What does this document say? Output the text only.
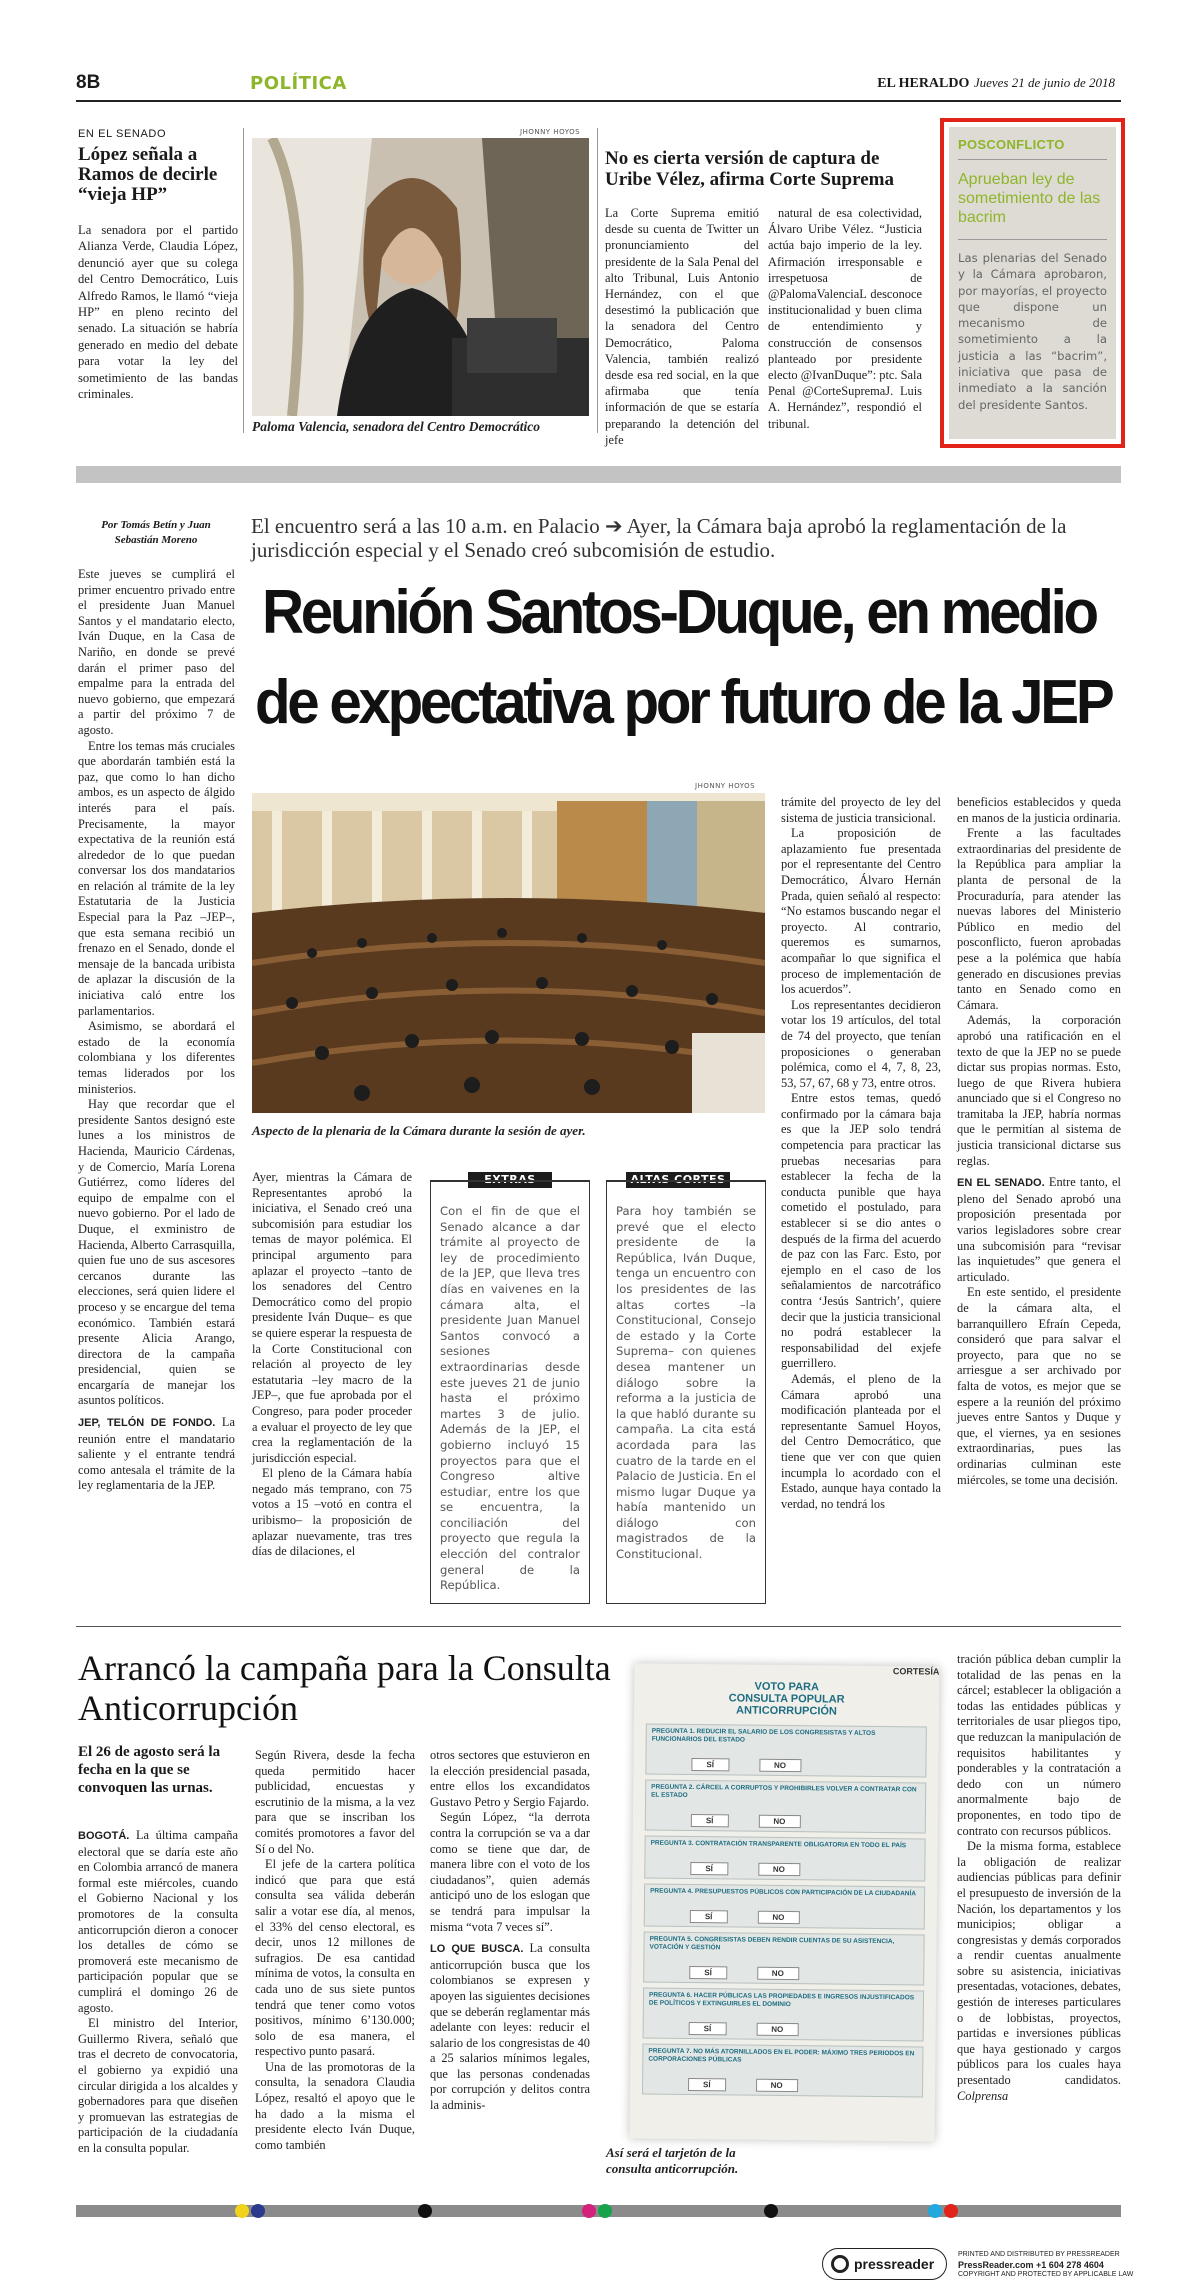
8B	POLÍTICA	EL HERALDO Jueves 21 de junio de 2018
EN EL SENADO
López señala a Ramos de decirle “vieja HP”

La senadora por el partido Alianza Verde, Claudia López, denunció ayer que su colega del Centro Democrático, Luis Alfredo Ramos, le llamó “vieja HP” en pleno recinto del senado. La situación se habría generado en medio del debate para votar la ley del sometimiento de las bandas criminales.

JHONNY HOYOS
Paloma Valencia, senadora del Centro Democrático
No es cierta versión de captura de Uribe Vélez, afirma Corte Suprema

La Corte Suprema emitió desde su cuenta de Twitter un pronunciamiento del presidente de la Sala Penal del alto Tribunal, Luis Antonio Hernández, con el que desestimó la publicación que la senadora del Centro Democrático, Paloma Valencia, también realizó desde esa red social, en la que afirmaba que tenía información de que se estaría preparando la detención del jefe

natural de esa colectividad, Álvaro Uribe Vélez. “Justicia actúa bajo imperio de la ley. Afirmación irresponsable e irrespetuosa de @PalomaValenciaL desconoce institucionalidad y buen clima de entendimiento y construcción de consensos planteado por presidente electo @IvanDuque”: ptc. Sala Penal @CorteSupremaJ. Luis A. Hernández”, respondió el tribunal.

POSCONFLICTO
Aprueban ley de sometimiento de las bacrim
Las plenarias del Senado y la Cámara aprobaron, por mayorías, el proyecto que dispone un mecanismo de sometimiento a la justicia a las “bacrim”, iniciativa que pasa de inmediato a la sanción del presidente Santos.
Por Tomás Betín y Juan Sebastián Moreno
El encuentro será a las 10 a.m. en Palacio ➔ Ayer, la Cámara baja aprobó la reglamentación de la jurisdicción especial y el Senado creó subcomisión de estudio.
Reunión Santos-Duque, en medio
de expectativa por futuro de la JEP

Este jueves se cumplirá el primer encuentro privado entre el presidente Juan Manuel Santos y el mandatario electo, Iván Duque, en la Casa de Nariño, en donde se prevé darán el primer paso del empalme para la entrada del nuevo gobierno, que empezará a partir del próximo 7 de agosto.

Entre los temas más cruciales que abordarán también está la paz, que como lo han dicho ambos, es un aspecto de álgido interés para el país. Precisamente, la mayor expectativa de la reunión está alrededor de lo que puedan conversar los dos mandatarios en relación al trámite de la ley Estatutaria de la Justicia Especial para la Paz –JEP–, que esta semana recibió un frenazo en el Senado, donde el mensaje de la bancada uribista de aplazar la discusión de la iniciativa caló entre los parlamentarios.

Asimismo, se abordará el estado de la economía colombiana y los diferentes temas liderados por los ministerios.

Hay que recordar que el presidente Santos designó este lunes a los ministros de Hacienda, Mauricio Cárdenas, y de Comercio, María Lorena Gutiérrez, como líderes del equipo de empalme con el nuevo gobierno. Por el lado de Duque, el exministro de Hacienda, Alberto Carrasquilla, quien fue uno de sus ascesores cercanos durante las elecciones, será quien lidere el proceso y se encargue del tema económico. También estará presente Alicia Arango, directora de la campaña presidencial, quien se encargaría de manejar los asuntos políticos.

JEP, TELÓN DE FONDO. La reunión entre el mandatario saliente y el entrante tendrá como antesala el trámite de la ley reglamentaria de la JEP.

JHONNY HOYOS
Aspecto de la plenaria de la Cámara durante la sesión de ayer.

Ayer, mientras la Cámara de Representantes aprobó la iniciativa, el Senado creó una subcomisión para estudiar los temas de mayor polémica. El principal argumento para aplazar el proyecto –tanto de los senadores del Centro Democrático como del propio presidente Iván Duque– es que se quiere esperar la respuesta de la Corte Constitucional con relación al proyecto de ley estatutaria –ley macro de la JEP–, que fue aprobada por el Congreso, para poder proceder a evaluar el proyecto de ley que crea la reglamentación de la jurisdicción especial.

El pleno de la Cámara había negado más temprano, con 75 votos a 15 –votó en contra el uribismo– la proposición de aplazar nuevamente, tras tres días de dilaciones, el

EXTRAS
Con el fin de que el Senado alcance a dar trámite al proyecto de ley de procedimiento de la JEP, que lleva tres días en vaivenes en la cámara alta, el presidente Juan Manuel Santos convocó a sesiones extraordinarias desde este jueves 21 de junio hasta el próximo martes 3 de julio. Además de la JEP, el gobierno incluyó 15 proyectos para que el Congreso altive estudiar, entre los que se encuentra, la conciliación del proyecto que regula la elección del contralor general de la República.
ALTAS CORTES
Para hoy también se prevé que el electo presidente de la República, Iván Duque, tenga un encuentro con los presidentes de las altas cortes –la Constitucional, Consejo de estado y la Corte Suprema– con quienes desea mantener un diálogo sobre la reforma a la justicia de la que habló durante su campaña. La cita está acordada para las cuatro de la tarde en el Palacio de Justicia. En el mismo lugar Duque ya había mantenido un diálogo con magistrados de la Constitucional.

trámite del proyecto de ley del sistema de justicia transicional.

La proposición de aplazamiento fue presentada por el representante del Centro Democrático, Álvaro Hernán Prada, quien señaló al respecto: “No estamos buscando negar el proyecto. Al contrario, queremos es sumarnos, acompañar lo que significa el proceso de implementación de los acuerdos”.

Los representantes decidieron votar los 19 artículos, del total de 74 del proyecto, que tenían proposiciones o generaban polémica, como el 4, 7, 8, 23, 53, 57, 67, 68 y 73, entre otros.

Entre estos temas, quedó confirmado por la cámara baja es que la JEP solo tendrá competencia para practicar las pruebas necesarias para establecer la fecha de la conducta punible que haya cometido el postulado, para establecer si se dio antes o después de la firma del acuerdo de paz con las Farc. Esto, por ejemplo en el caso de los señalamientos de narcotráfico contra ‘Jesús Santrich’, quiere decir que la justicia transicional no podrá establecer la responsabilidad del exjefe guerrillero.

Además, el pleno de la Cámara aprobó una modificación planteada por el representante Samuel Hoyos, del Centro Democrático, que tiene que ver con que quien incumpla lo acordado con el Estado, aunque haya contado la verdad, no tendrá los

beneficios establecidos y queda en manos de la justicia ordinaria.

Frente a las facultades extraordinarias del presidente de la República para ampliar la planta de personal de la Procuraduría, para atender las nuevas labores del Ministerio Público en medio del posconflicto, fueron aprobadas pese a la polémica que había generado en discusiones previas tanto en Senado como en Cámara.

Además, la corporación aprobó una ratificación en el texto de que la JEP no se puede dictar sus propias normas. Esto, luego de que Rivera hubiera anunciado que si el Congreso no tramitaba la JEP, habría normas que le permitían al sistema de justicia transicional dictarse sus reglas.

EN EL SENADO. Entre tanto, el pleno del Senado aprobó una proposición presentada por varios legisladores sobre crear una subcomisión para “revisar las inquietudes” que genera el articulado.

En este sentido, el presidente de la cámara alta, el barranquillero Efraín Cepeda, consideró que para salvar el proyecto, para que no se arriesgue a ser archivado por falta de votos, es mejor que se espere a la reunión del próximo jueves entre Santos y Duque y que, el viernes, ya en sesiones extraordinarias, pues las ordinarias culminan este miércoles, se tome una decisión.

Arrancó la campaña para la Consulta Anticorrupción
El 26 de agosto será la fecha en la que se convoquen las urnas.

BOGOTÁ. La última campaña electoral que se daría este año en Colombia arrancó de manera formal este miércoles, cuando el Gobierno Nacional y los promotores de la consulta anticorrupción dieron a conocer los detalles de cómo se promoverá este mecanismo de participación popular que se cumplirá el domingo 26 de agosto.

El ministro del Interior, Guillermo Rivera, señaló que tras el decreto de convocatoria, el gobierno ya expidió una circular dirigida a los alcaldes y gobernadores para que diseñen y promuevan las estrategias de participación de la ciudadanía en la consulta popular.

Según Rivera, desde la fecha queda permitido hacer publicidad, encuestas y escrutinio de la misma, a la vez para que se inscriban los comités promotores a favor del Sí o del No.

El jefe de la cartera política indicó que para que está consulta sea válida deberán salir a votar ese día, al menos, el 33% del censo electoral, es decir, unos 12 millones de sufragios. De esa cantidad mínima de votos, la consulta en cada uno de sus siete puntos tendrá que tener como votos positivos, mínimo 6’130.000; solo de esa manera, el respectivo punto pasará.

Una de las promotoras de la consulta, la senadora Claudia López, resaltó el apoyo que le ha dado a la misma el presidente electo Iván Duque, como también

otros sectores que estuvieron en la elección presidencial pasada, entre ellos los excandidatos Gustavo Petro y Sergio Fajardo.

Según López, “la derrota contra la corrupción se va a dar como se tiene que dar, de manera libre con el voto de los ciudadanos”, quien además anticipó uno de los eslogan que se tendrá para impulsar la misma “vota 7 veces sí”.

LO QUE BUSCA. La consulta anticorrupción busca que los colombianos se expresen y apoyen las siguientes decisiones que se deberán reglamentar más adelante con leyes: reducir el salario de los congresistas de 40 a 25 salarios mínimos legales, que las personas condenadas por corrupción y delitos contra la adminis-

CORTESÍA
VOTO PARA
CONSULTA POPULAR
ANTICORRUPCIÓN
PREGUNTA 1. REDUCIR EL SALARIO DE LOS CONGRESISTAS Y ALTOS FUNCIONARIOS DEL ESTADO
SÍ	NO
PREGUNTA 2. CÁRCEL A CORRUPTOS Y PROHIBIRLES VOLVER A CONTRATAR CON EL ESTADO
SÍ	NO
PREGUNTA 3. CONTRATACIÓN TRANSPARENTE OBLIGATORIA EN TODO EL PAÍS
SÍ	NO
PREGUNTA 4. PRESUPUESTOS PÚBLICOS CON PARTICIPACIÓN DE LA CIUDADANÍA
SÍ	NO
PREGUNTA 5. CONGRESISTAS DEBEN RENDIR CUENTAS DE SU ASISTENCIA, VOTACIÓN Y GESTIÓN
SÍ	NO
PREGUNTA 6. HACER PÚBLICAS LAS PROPIEDADES E INGRESOS INJUSTIFICADOS DE POLÍTICOS Y EXTINGUIRLES EL DOMINIO
SÍ	NO
PREGUNTA 7. NO MÁS ATORNILLADOS EN EL PODER: MÁXIMO TRES PERIODOS EN CORPORACIONES PÚBLICAS
SÍ	NO
Así será el tarjetón de la consulta anticorrupción.

tración pública deban cumplir la totalidad de las penas en la cárcel; establecer la obligación a todas las entidades públicas y territoriales de usar pliegos tipo, que reduzcan la manipulación de requisitos habilitantes y ponderables y la contratación a dedo con un número anormalmente bajo de proponentes, en todo tipo de contrato con recursos públicos.

De la misma forma, establece la obligación de realizar audiencias públicas para definir el presupuesto de inversión de la Nación, los departamentos y los municipios; obligar a congresistas y demás corporados a rendir cuentas anualmente sobre su asistencia, iniciativas presentadas, votaciones, debates, gestión de intereses particulares o de lobbistas, proyectos, partidas e inversiones públicas que haya gestionado y cargos públicos para los cuales haya presentado candidatos. Colprensa

pressreader
PRINTED AND DISTRIBUTED BY PRESSREADER
PressReader.com +1 604 278 4604
COPYRIGHT AND PROTECTED BY APPLICABLE LAW
